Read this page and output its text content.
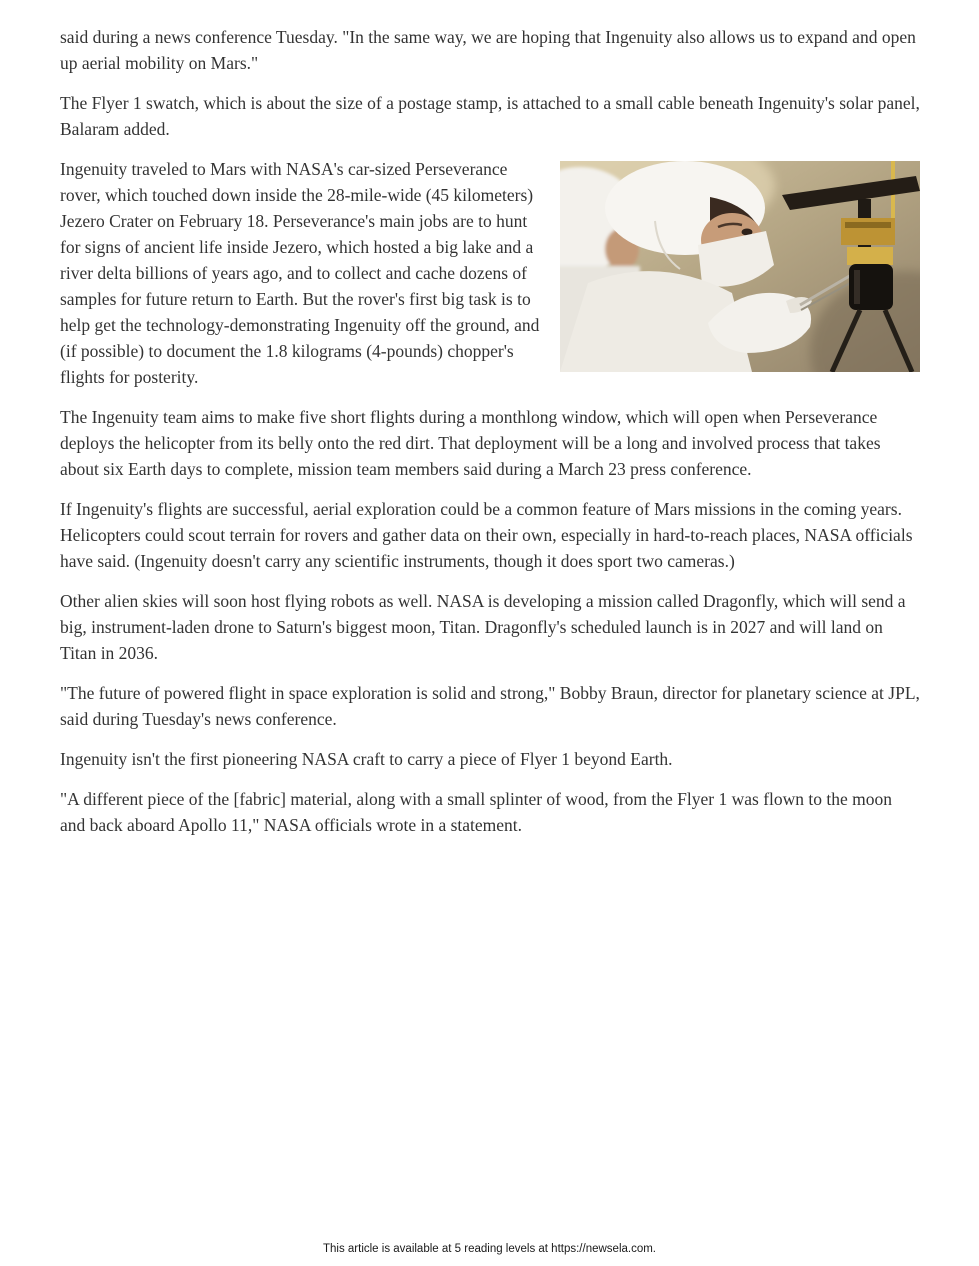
said during a news conference Tuesday. "In the same way, we are hoping that Ingenuity also allows us to expand and open up aerial mobility on Mars."

The Flyer 1 swatch, which is about the size of a postage stamp, is attached to a small cable beneath Ingenuity's solar panel, Balaram added.

Ingenuity traveled to Mars with NASA's car-sized Perseverance rover, which touched down inside the 28-mile-wide (45 kilometers) Jezero Crater on February 18. Perseverance's main jobs are to hunt for signs of ancient life inside Jezero, which hosted a big lake and a river delta billions of years ago, and to collect and cache dozens of samples for future return to Earth. But the rover's first big task is to help get the technology-demonstrating Ingenuity off the ground, and (if possible) to document the 1.8 kilograms (4-pounds) chopper's flights for posterity.

The Ingenuity team aims to make five short flights during a monthlong window, which will open when Perseverance deploys the helicopter from its belly onto the red dirt. That deployment will be a long and involved process that takes about six Earth days to complete, mission team members said during a March 23 press conference.

If Ingenuity's flights are successful, aerial exploration could be a common feature of Mars missions in the coming years. Helicopters could scout terrain for rovers and gather data on their own, especially in hard-to-reach places, NASA officials have said. (Ingenuity doesn't carry any scientific instruments, though it does sport two cameras.)

Other alien skies will soon host flying robots as well. NASA is developing a mission called Dragonfly, which will send a big, instrument-laden drone to Saturn's biggest moon, Titan. Dragonfly's scheduled launch is in 2027 and will land on Titan in 2036.

"The future of powered flight in space exploration is solid and strong," Bobby Braun, director for planetary science at JPL, said during Tuesday's news conference.

Ingenuity isn't the first pioneering NASA craft to carry a piece of Flyer 1 beyond Earth.

"A different piece of the [fabric] material, along with a small splinter of wood, from the Flyer 1 was flown to the moon and back aboard Apollo 11," NASA officials wrote in a statement.

This article is available at 5 reading levels at https://newsela.com.
